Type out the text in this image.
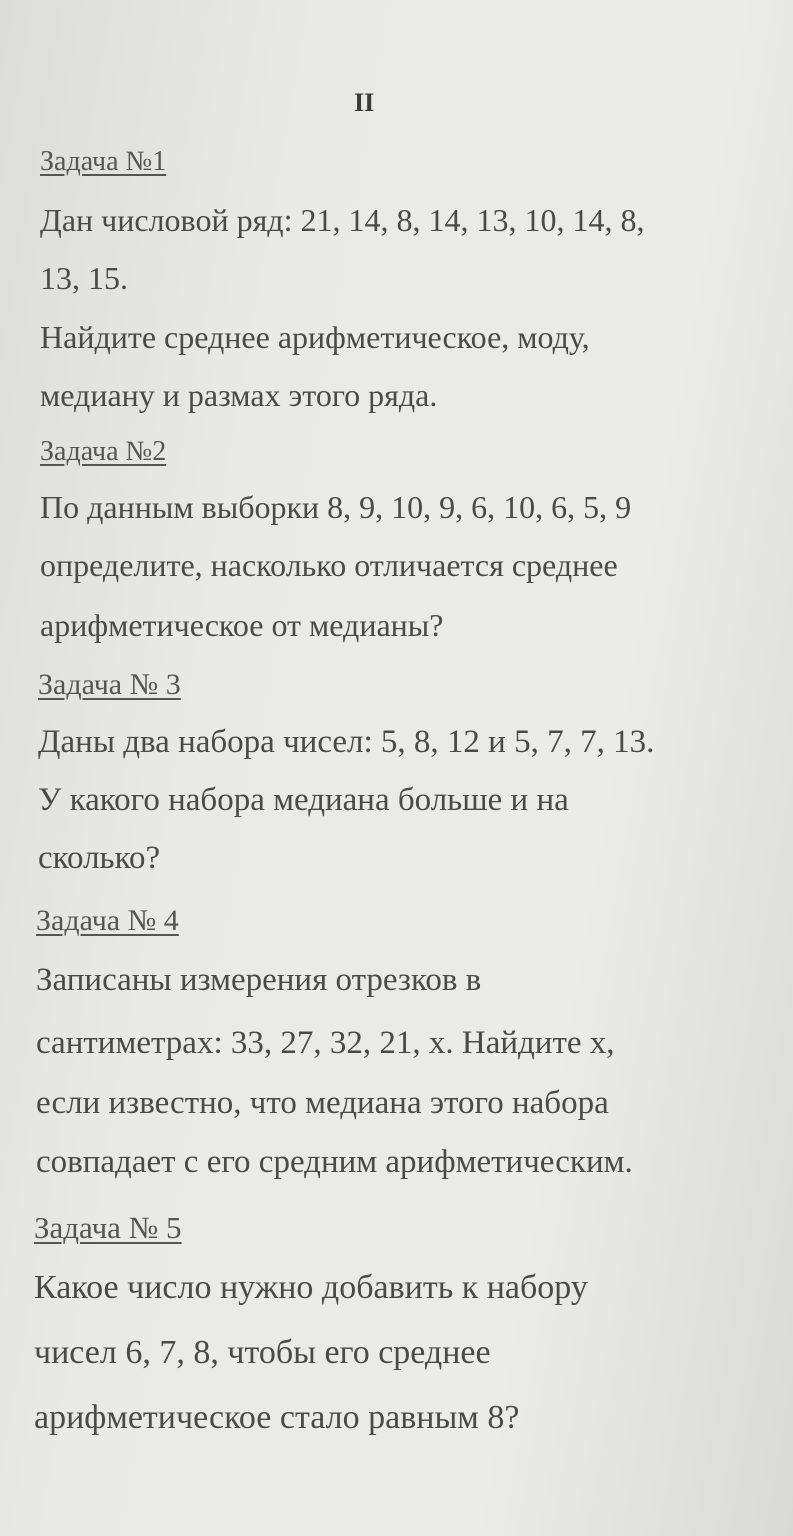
II
Задача №1
Дан числовой ряд: 21, 14, 8, 14, 13, 10, 14, 8,
13, 15.
Найдите среднее арифметическое, моду,
медиану и размах этого ряда.
Задача №2
По данным выборки 8, 9, 10, 9, 6, 10, 6, 5, 9
определите, насколько отличается среднее
арифметическое от медианы?
Задача № 3
Даны два набора чисел: 5, 8, 12 и 5, 7, 7, 13.
У какого набора медиана больше и на
сколько?
Задача № 4
Записаны измерения отрезков в
сантиметрах: 33, 27, 32, 21, x. Найдите x,
если известно, что медиана этого набора
совпадает с его средним арифметическим.
Задача № 5
Какое число нужно добавить к набору
чисел 6, 7, 8, чтобы его среднее
арифметическое стало равным 8?
